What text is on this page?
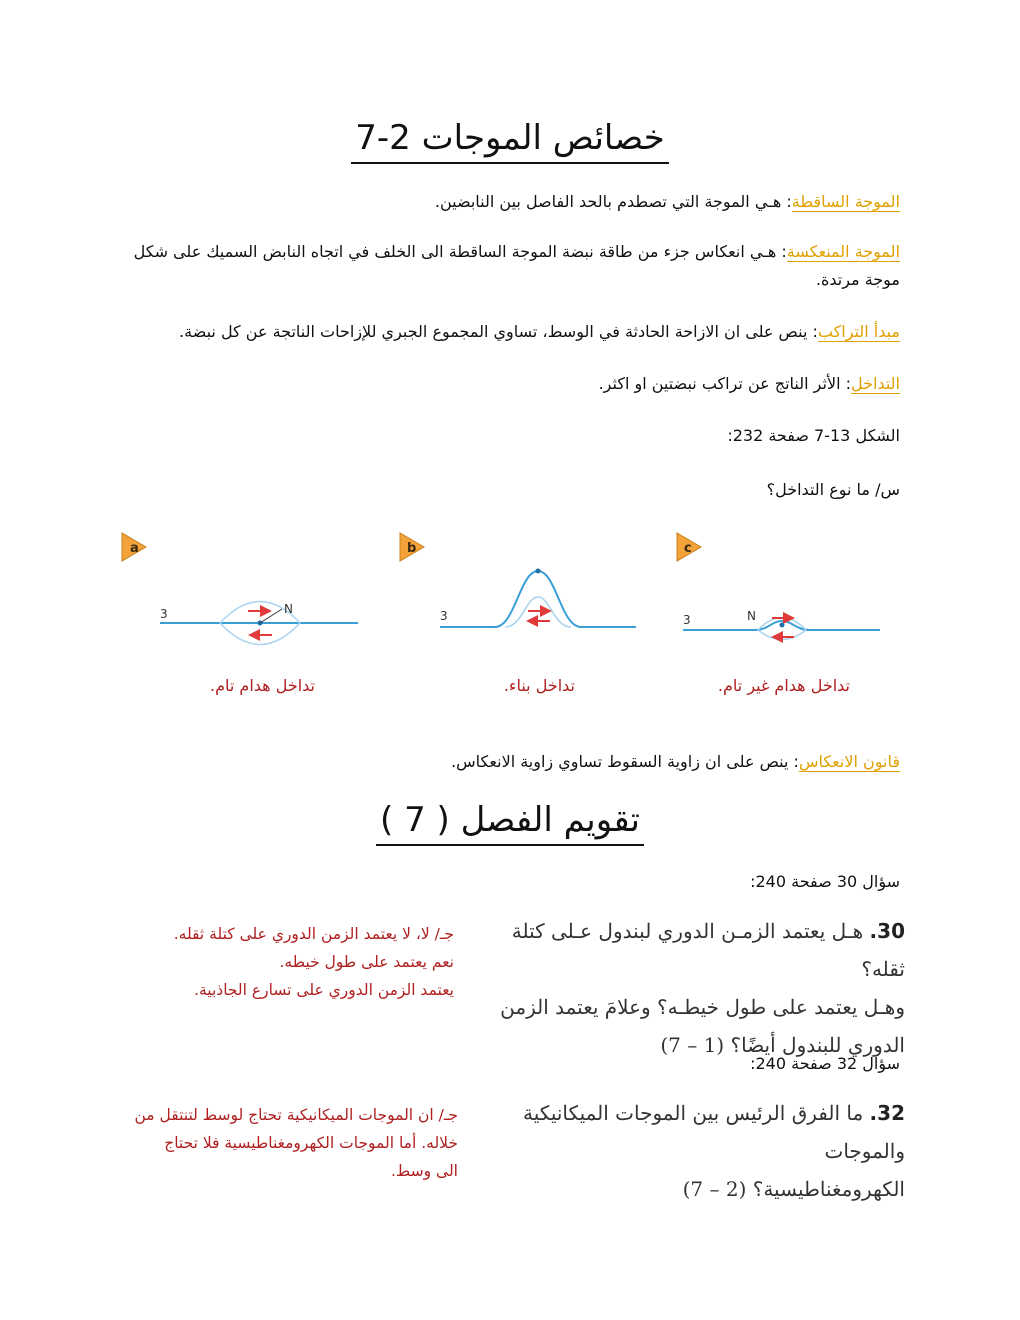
خصائص الموجات 2-7
الموجة الساقطة: هـي الموجة التي تصطدم بالحد الفاصل بين النابضين.
الموجة المنعكسة: هـي انعكاس جزء من طاقة نبضة الموجة الساقطة الى الخلف في اتجاه النابض السميك على شكل موجة مرتدة.
مبدأ التراكب: ينص على ان الازاحة الحادثة في الوسط، تساوي المجموع الجبري للإزاحات الناتجة عن كل نبضة.
التداخل: الأثر الناتج عن تراكب نبضتين او اكثر.
الشكل 13-7 صفحة 232:
س/ ما نوع التداخل؟
a
3	N
b
3
c
3	N
تداخل هدام تام.	تداخل بناء.	تداخل هدام غير تام.
قانون الانعكاس: ينص على ان زاوية السقوط تساوي زاوية الانعكاس.
تقويم الفصل ( 7 )
سؤال 30 صفحة 240:
30. هـل يعتمد الزمـن الدوري لبندول عـلى كتلة ثقله؟
وهـل يعتمد على طول خيطـه؟ وعلامَ يعتمد الزمن
الدوري للبندول أيضًا؟ (1 – 7)
جـ/ لا، لا يعتمد الزمن الدوري على كتلة ثقله.
نعم يعتمد على طول خيطه.
يعتمد الزمن الدوري على تسارع الجاذبية.
سؤال 32 صفحة 240:
32. ما الفرق الرئيس بين الموجات الميكانيكية والموجات
الكهرومغناطيسية؟ (2 – 7)
جـ/ ان الموجات الميكانيكية تحتاج لوسط لتنتقل من
خلاله. أما الموجات الكهرومغناطيسية فلا تحتاج
الى وسط.
